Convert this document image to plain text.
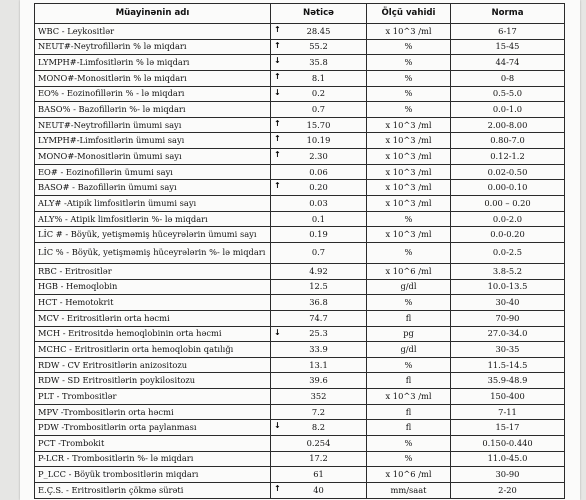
Müayinənin adı	Nəticə	Ölçü vahidi	Norma
WBC - Leykositlər	↑ 28.45	x 10^3 /ml	6-17
NEUT#-Neytrofillərin % lə miqdarı	↑ 55.2	%	15-45
LYMPH#-Limfositlərin % lə miqdarı	↓ 35.8	%	44-74
MONO#-Monositlərin % lə miqdarı	↑ 8.1	%	0-8
EO% - Eozinofillərin % - lə miqdarı	↓ 0.2	%	0.5-5.0
BASO% - Bazofillərin %- lə miqdarı	0.7	%	0.0-1.0
NEUT#-Neytrofillərin ümumi sayı	↑ 15.70	x 10^3 /ml	2.00-8.00
LYMPH#-Limfositlərin ümumi sayı	↑ 10.19	x 10^3 /ml	0.80-7.0
MONO#-Monositlərin ümumi sayı	↑ 2.30	x 10^3 /ml	0.12-1.2
EO# - Eozinofillərin ümumi sayı	0.06	x 10^3 /ml	0.02-0.50
BASO# - Bazofillərin ümumi sayı	↑ 0.20	x 10^3 /ml	0.00-0.10
ALY# -Atipik limfositlərin ümumi sayı	0.03	x 10^3 /ml	0.00 – 0.20
ALY% - Atipik limfositlərin %- lə miqdarı	0.1	%	0.0-2.0
LİC # - Böyük, yetişməmiş hüceyrələrin ümumi sayı	0.19	x 10^3 /ml	0.0-0.20
LİC % - Böyük, yetişməmiş hüceyrələrin %- lə miqdarı	0.7	%	0.0-2.5
RBC - Eritrositlər	4.92	x 10^6 /ml	3.8-5.2
HGB - Hemoqlobin	12.5	g/dl	10.0-13.5
HCT - Hemotokrit	36.8	%	30-40
MCV - Eritrositlərin orta həcmi	74.7	fl	70-90
MCH - Eritrositdə hemoqlobinin orta həcmi	↓ 25.3	pg	27.0-34.0
MCHC - Eritrositlərin orta hemoqlobin qatılığı	33.9	g/dl	30-35
RDW - CV Eritrositlərin anizositozu	13.1	%	11.5-14.5
RDW - SD Eritrositlərin poykilositozu	39.6	fl	35.9-48.9
PLT - Trombositlər	352	x 10^3 /ml	150-400
MPV -Trombositlərin orta həcmi	7.2	fl	7-11
PDW -Trombositlərin orta paylanması	↓ 8.2	fl	15-17
PCT -Trombokit	0.254	%	0.150-0.440
P-LCR - Trombositlərin %- lə miqdarı	17.2	%	11.0-45.0
P_LCC - Böyük trombositlərin miqdarı	61	x 10^6 /ml	30-90
E.Ç.S. - Eritrositlərin çökmə sürəti	↑ 40	mm/saat	2-20
